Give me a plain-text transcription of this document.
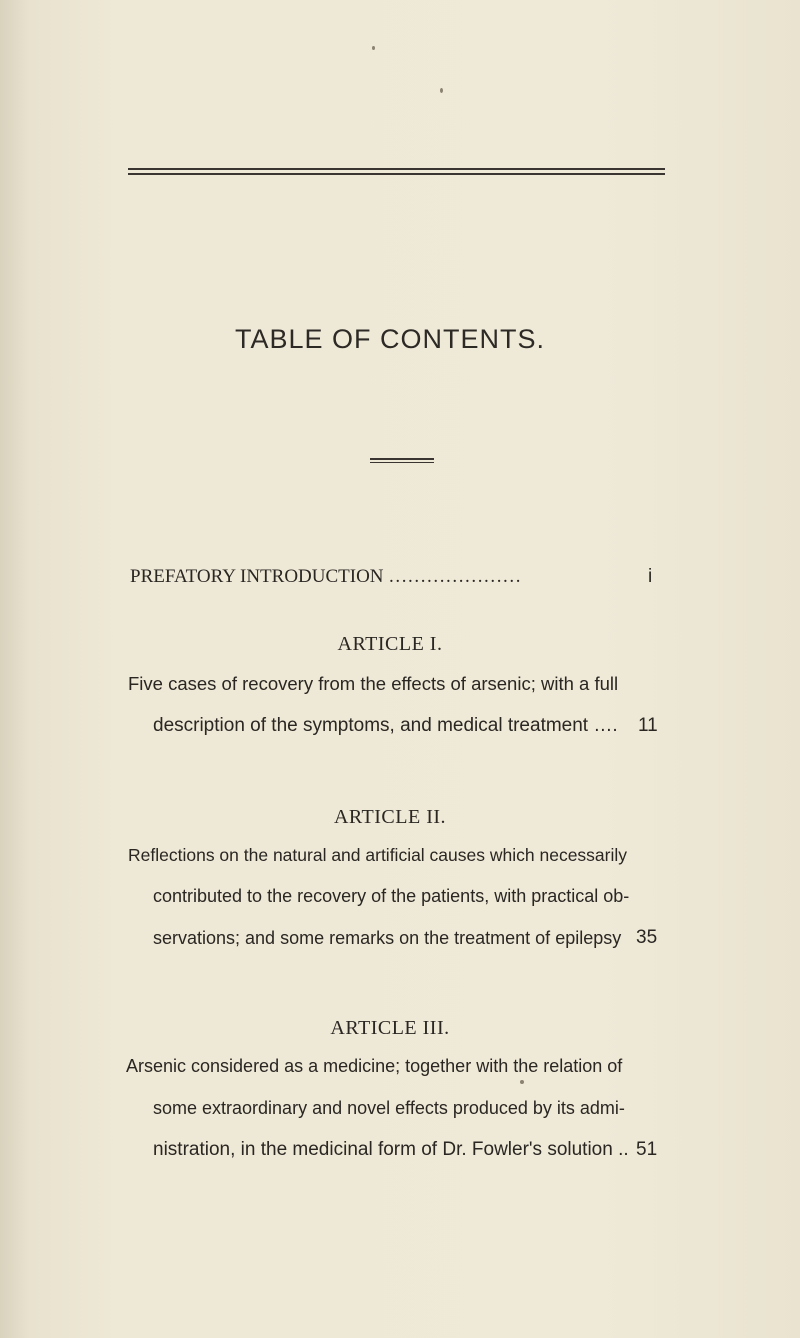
TABLE OF CONTENTS.
PREFATORY INTRODUCTION …………………	i
ARTICLE I.
Five cases of recovery from the effects of arsenic; with a full
description of the symptoms, and medical treatment …. 11
ARTICLE II.
Reflections on the natural and artificial causes which necessarily
contributed to the recovery of the patients, with practical ob-
servations; and some remarks on the treatment of epilepsy 35
ARTICLE III.
Arsenic considered as a medicine; together with the relation of
some extraordinary and novel effects produced by its admi-
nistration, in the medicinal form of Dr. Fowler's solution .. 51
